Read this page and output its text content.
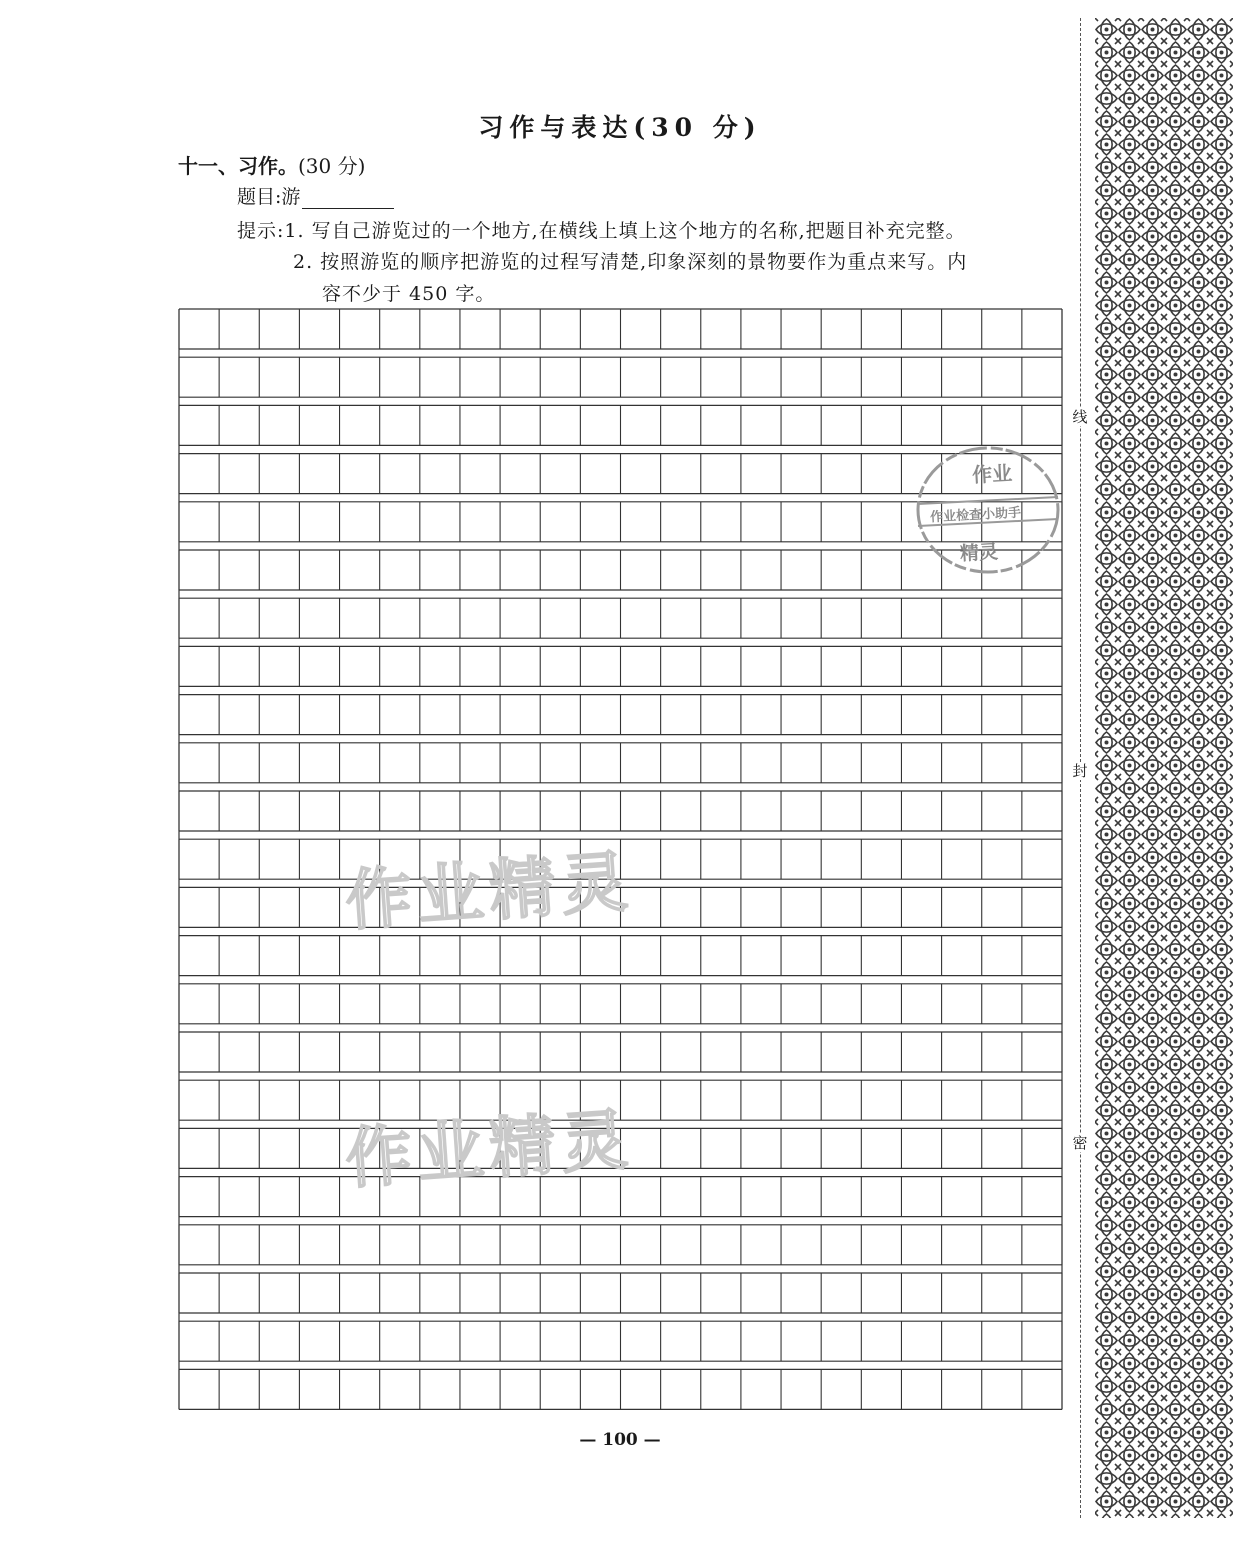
习作与表达(30 分)
十一、习作。(30 分)
题目:游
提示:1. 写自己游览过的一个地方,在横线上填上这个地方的名称,把题目补充完整。
2. 按照游览的顺序把游览的过程写清楚,印象深刻的景物要作为重点来写。内
容不少于 450 字。
作业精灵
作业精灵
作业
作业检查小助手
精灵
线
封
密
— 100 —
